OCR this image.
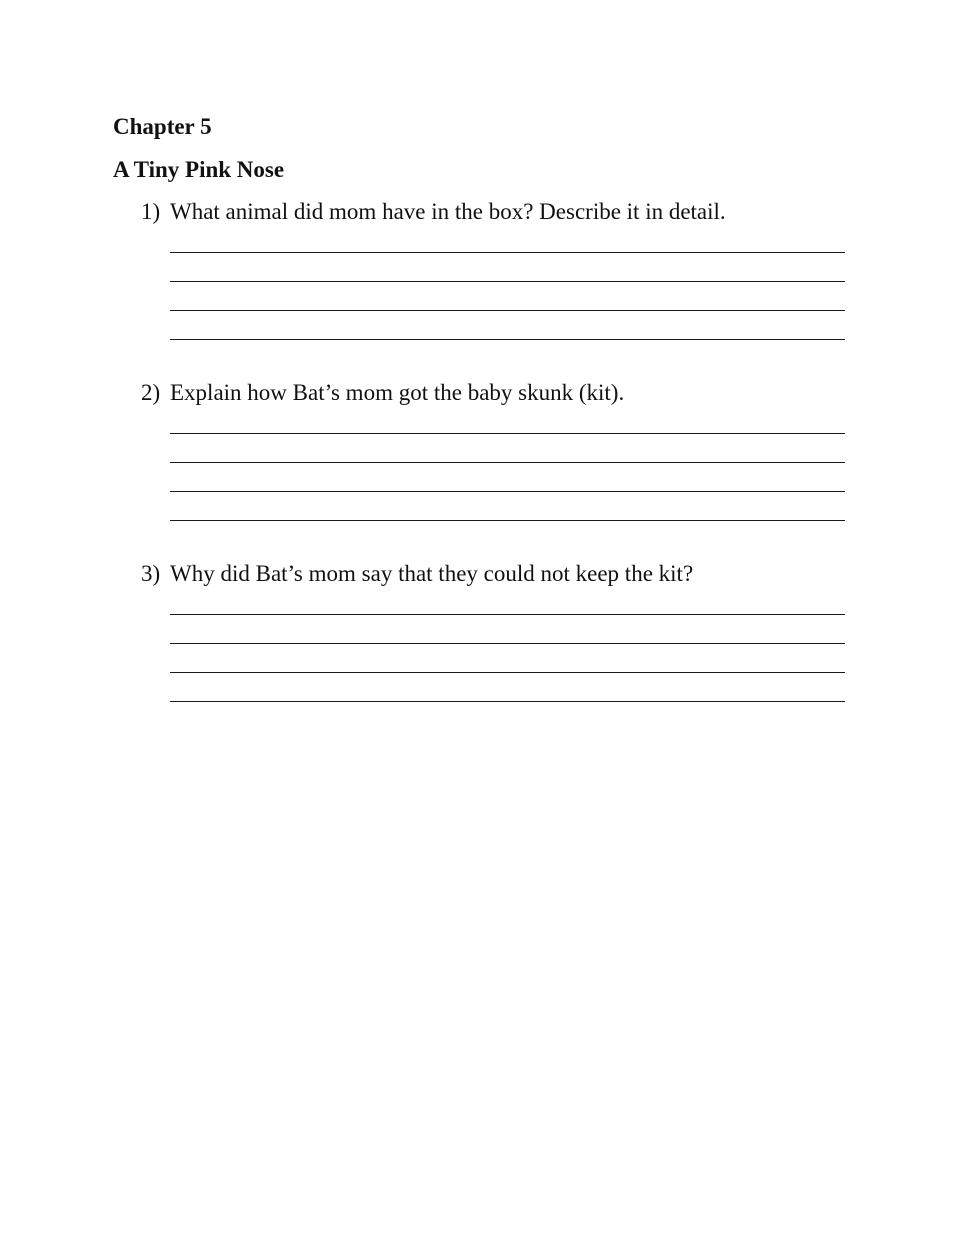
Chapter 5
A Tiny Pink Nose
1) What animal did mom have in the box? Describe it in detail.
2) Explain how Bat’s mom got the baby skunk (kit).
3) Why did Bat’s mom say that they could not keep the kit?
